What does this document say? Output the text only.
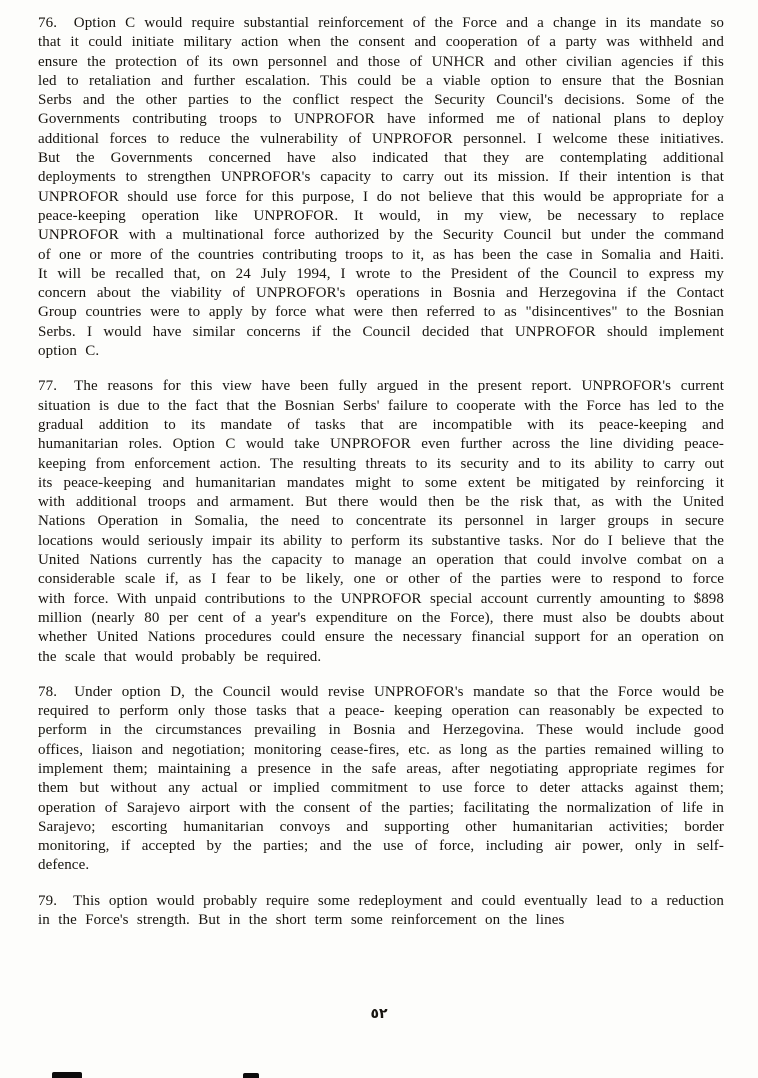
76.  Option C would require substantial reinforcement of the Force and a change in its mandate so that it could initiate military action when the consent and cooperation of a party was withheld and ensure the protection of its own personnel and those of UNHCR and other civilian agencies if this led to retaliation and further escalation. This could be a viable option to ensure that the Bosnian Serbs and the other parties to the conflict respect the Security Council's decisions. Some of the Governments contributing troops to UNPROFOR have informed me of national plans to deploy additional forces to reduce the vulnerability of UNPROFOR personnel. I welcome these initiatives. But the Governments concerned have also indicated that they are contemplating additional deployments to strengthen UNPROFOR's capacity to carry out its mission. If their intention is that UNPROFOR should use force for this purpose, I do not believe that this would be appropriate for a peace-keeping operation like UNPROFOR. It would, in my view, be necessary to replace UNPROFOR with a multinational force authorized by the Security Council but under the command of one or more of the countries contributing troops to it, as has been the case in Somalia and Haiti. It will be recalled that, on 24 July 1994, I wrote to the President of the Council to express my concern about the viability of UNPROFOR's operations in Bosnia and Herzegovina if the Contact Group countries were to apply by force what were then referred to as "disincentives" to the Bosnian Serbs. I would have similar concerns if the Council decided that UNPROFOR should implement option C.

77.  The reasons for this view have been fully argued in the present report. UNPROFOR's current situation is due to the fact that the Bosnian Serbs' failure to cooperate with the Force has led to the gradual addition to its mandate of tasks that are incompatible with its peace-keeping and humanitarian roles. Option C would take UNPROFOR even further across the line dividing peace-keeping from enforcement action. The resulting threats to its security and to its ability to carry out its peace-keeping and humanitarian mandates might to some extent be mitigated by reinforcing it with additional troops and armament. But there would then be the risk that, as with the United Nations Operation in Somalia, the need to concentrate its personnel in larger groups in secure locations would seriously impair its ability to perform its substantive tasks. Nor do I believe that the United Nations currently has the capacity to manage an operation that could involve combat on a considerable scale if, as I fear to be likely, one or other of the parties were to respond to force with force. With unpaid contributions to the UNPROFOR special account currently amounting to $898 million (nearly 80 per cent of a year's expenditure on the Force), there must also be doubts about whether United Nations procedures could ensure the necessary financial support for an operation on the scale that would probably be required.

78.  Under option D, the Council would revise UNPROFOR's mandate so that the Force would be required to perform only those tasks that a peace- keeping operation can reasonably be expected to perform in the circumstances prevailing in Bosnia and Herzegovina. These would include good offices, liaison and negotiation; monitoring cease-fires, etc. as long as the parties remained willing to implement them; maintaining a presence in the safe areas, after negotiating appropriate regimes for them but without any actual or implied commitment to use force to deter attacks against them; operation of Sarajevo airport with the consent of the parties; facilitating the normalization of life in Sarajevo; escorting humanitarian convoys and supporting other humanitarian activities; border monitoring, if accepted by the parties; and the use of force, including air power, only in self-defence.

79.  This option would probably require some redeployment and could eventually lead to a reduction in the Force's strength. But in the short term some reinforcement on the lines

٥٢
